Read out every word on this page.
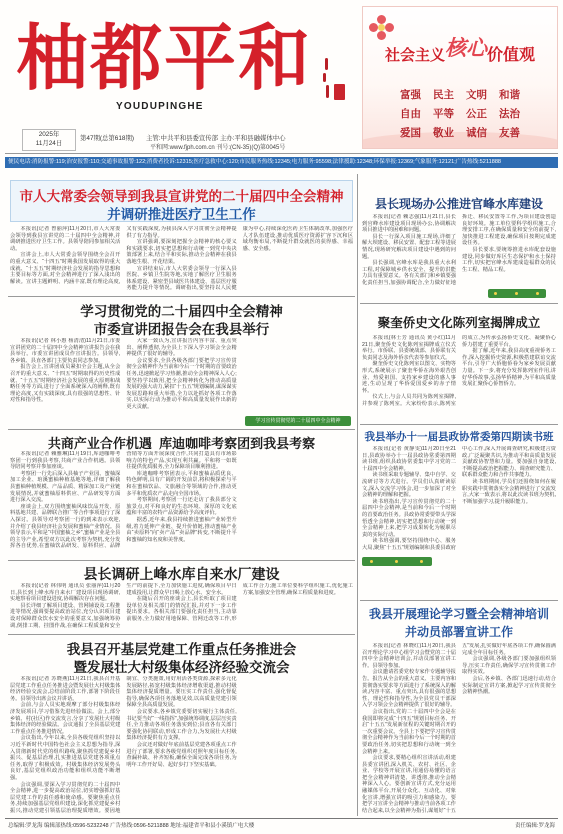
柚都平和
YOUDUPINGHE
2025年
11月24日
第47期(总第618期) 主管:中共平和县委宣传部 主办:平和县融媒体中心
平和网:www.fjph.com.cn 刊号:(CN-35)(Q)第0045号
社会主义核心价值观
富强 民主 文明 和谐
自由 平等 公正 法治
爱国 敬业 诚信 友善
便民电话:消防报警:119;治安报警:110;交通事故报警:122;消费者投诉:12315;医疗急救中心:120;市民服务热线:12345;电力服务:95598;法律援助:12348;环保举报:12369;气象服务:12121;广告热线:5211888
市人大常委会领导到我县宣讲党的二十届四中全会精神
并调研推进医疗卫生工作

本报讯(记者 曾丽萍)11月20日,市人大常委会领导到我县宣讲党的二十届四中全会精神,并调研推进医疗卫生工作。县领导陪同参加相关活动。

宣讲会上,市人大常委会领导围绕全会召开的重大意义、“十四五”时期我国发展取得的重大成就、“十五五”时期经济社会发展的指导思想和主要目标等方面,对全会精神进行了深入浅出的解读。宣讲主题鲜明、内涵丰富,既有理论高度,又有实践深度,为我县深入学习贯彻全会精神提供了有力指导。

宣讲强调,要深刻把握全会精神的核心要义和实践要求,切实把思想和行动统一到党中央决策部署上来,结合平和实际,推动全会精神在我县落地生根、开花结果。

宣讲结束后,市人大常委会领导一行深入县医院、乡镇卫生院等地,实地了解医疗卫生服务体系建设、紧密型县域医共体建设、基层医疗服务能力提升等情况。调研指出,要坚持以人民健康为中心,持续深化医药卫生体制改革,加强医疗人才队伍建设,推动优质医疗资源扩容下沉和区域均衡布局,不断提升群众就医的获得感、幸福感、安全感。

学习贯彻党的二十届四中全会精神
市委宣讲团报告会在我县举行

本报讯(记者 林小惠 杨清清)11月21日,市委宣讲团党的二十届四中全会精神宣讲报告会在我县举行。市委宣讲团成员作宣讲报告。县领导,各乡镇、县直各部门主要负责同志参加。

报告会上,宣讲团成员紧扣全会主题,从全会召开的重大意义、“十四五”时期取得的历史性成就、“十五五”时期经济社会发展的重大原则和战略任务等方面,进行了全面系统深入的阐释,既有理论高度,又有实践深度,具有很强的思想性、针对性和指导性。

大家一致认为,宣讲报告内容丰富、重点突出、阐释透彻,为全县上下深入学习领会全会精神提供了很好的辅导。

会议要求,全县各级各部门要把学习宣传贯彻全会精神作为当前和今后一个时期的首要政治任务,迅速掀起学习热潮,推动全会精神深入人心;要坚持学以致用,把全会精神转化为推动高质量发展的强大动力,紧扣“十五五”规划编制,谋深谋实发展思路和重大举措,全力以赴抓好各项工作落实,以实际行动为推动平和高质量发展作出新的更大贡献。

学习宣传贯彻党的二十届四中全会精神
共商产业合作机遇  库迪咖啡考察团到我县考察

本报讯(记者 赖雅琳)11月19日,库迪咖啡考察团一行到我县考察,共商产业合作机遇。县领导陪同考察并参加座谈。

考察团一行先后深入县柚子产业园、蜜柚深加工企业、琯溪蜜柚种植基地等地,详细了解我县蜜柚种植规模、产品品质、精深加工及产业链发展情况,并就蜜柚原料供应、产品研发等方面进行深入交流。

座谈会上,双方围绕蜜柚风味饮品开发、原料基地共建、品牌联合推广等合作事项进行了深入探讨。县领导对考察团一行的到来表示欢迎,并介绍了我县经济社会发展和蜜柚产业情况。县领导表示,平和是“中国蜜柚之乡”,蜜柚产业是全县的主导产业,希望双方以此次考察为契机,充分发挥各自优势,在蜜柚饮品研发、原料供应、品牌营销等方面开展深度合作,共同打造具有市场影响力的特色产品,实现互利共赢。平和将一如既往提供优质服务,全力保障项目顺利推进。

库迪咖啡考察团表示,平和蜜柚品质优良、特色鲜明,具有广阔的开发前景,将积极探索与平和在蜜柚饮品、文旅融合等领域的合作,推动更多平和优质农产品走向全国市场。

考察期间,考察团一行还走访了我县部分文旅景点,对平和良好的生态环境、深厚的文化底蕴和丰富的农特产品资源给予高度评价。

据悉,近年来,我县持续推进蜜柚产业转型升级,着力延伸产业链、提升价值链,推动蜜柚产业由“卖原料”向“卖产品”“卖品牌”转变,不断提升平和蜜柚的知名度和美誉度。

县长调研上峰水库自来水厂建设

本报讯(记者 林伟明 通讯员 张丽萍)11月20日,县长到上峰水库自来水厂建设项目现场调研,实地察看项目建设进度,协调解决存在问题。

县长详细了解项目建设、管网铺设及工程推进等情况,强调要提高政治站位,充分认识项目建设对保障群众饮水安全的重要意义,加强统筹协调,倒排工期、挂图作战,在确保工程质量和安全生产的前提下,全力加快施工进度,确保项目早日建成投用,让群众早日喝上放心水、安全水。

在随后召开的座谈会上,县长听取了项目建设单位及相关部门的情况汇报,并对下一步工作提出要求。各相关部门要强化责任担当,主动靠前服务,全力做好用地保障、管网迁改等工作,形成工作合力;施工单位要科学组织施工,优化施工方案,加强安全管理,确保工程质量和进度。

我县召开基层党建工作重点任务推进会
暨发展壮大村级集体经济经验交流会

本报讯(记者 苏晓燕)11月21日,我县召开基层党建工作重点任务推进会暨发展壮大村级集体经济经验交流会,总结前阶段工作,部署下阶段任务。县领导出席会议并讲话。

会前,与会人员实地观摩了部分村级集体经济发展项目,学习借鉴先进经验做法。会上,部分乡镇、村(社区)作交流发言,分享了发展壮大村级集体经济的经验做法。会议通报了全县基层党建工作重点任务推进情况。

会议指出,今年以来,全县各级党组织坚持以习近平新时代中国特色社会主义思想为指导,深入贯彻新时代党的组织路线,聚焦抓党建促乡村振兴、促基层治理,扎实推进基层党建各项重点任务,取得了积极成效。村级集体经济发展势头良好,基层党组织政治功能和组织功能不断增强。

会议强调,要深入学习贯彻党的二十届四中全会精神,进一步提高政治站位,切实增强抓好基层党建工作的责任感和使命感。要聚焦重点任务,持续加强基层党组织建设,深化抓党建促乡村振兴,推动党建引领基层治理提质增效。要因地制宜、分类施策,用好用活各类资源,探索多元化发展路径,拓宽村级集体经济增收渠道,推动村级集体经济提质增量。要压实工作责任,强化督促指导,确保各项任务落地见效,以高质量党建引领保障全县高质量发展。

会议要求,各乡镇党委要切实履行主体责任,书记要当好“一线指挥”,加强统筹调度,层层压实责任,全力推动各项任务落实到位;县直各有关部门要强化协同联动,形成工作合力,为发展壮大村级集体经济提供有力支撑。

会议还对做好年底前基层党建各项重点工作进行了部署,要求各级党组织对照年度目标任务,查漏补缺、补齐短板,确保全面完成各项任务,为明年工作开好局、起好步打下坚实基础。

县长现场办公推进官峰水库建设

本报讯(记者 赖志强)11月21日,县长到官峰水库建设项目现场办公,协调解决项目推进中的困难和问题。

县长一行深入项目施工现场,详细了解大坝建设、移民安置、配套工程等进展情况,现场研究解决项目建设中遇到的问题。

县长强调,官峰水库是我县重大水利工程,对保障城乡供水安全、提升防洪能力具有重要意义。各有关部门和乡镇要强化责任担当,加强协调配合,全力做好征地拆迁、移民安置等工作,为项目建设创造良好环境。施工单位要科学组织施工,合理安排工序,在确保质量和安全的前提下,加快推进工程建设,确保项目按期完成建设任务。

县长要求,要统筹推进水库配套设施建设,同步做好库区生态保护和水土保持工作,切实把官峰水库建成造福群众的民生工程、精品工程。

聚奎侨史文化陈列室揭牌成立

本报讯(林士芳 通讯员 黄小红)11月21日,聚奎侨史文化陈列室揭牌成立仪式举行。市侨联、县委统战部、县侨联有关负责同志及海外侨亲代表等参加仪式。

聚奎侨史文化陈列室以图文、实物等形式,系统展示了聚奎华侨在海外艰苦创业、热爱祖国、支持家乡建设的感人事迹,生动呈现了华侨爱国爱乡的赤子情怀。

仪式上,与会人员共同为陈列室揭牌,并参观了陈列室。大家纷纷表示,陈列室的成立,为传承弘扬侨史文化、凝聚侨心侨力搭建了重要平台。

据了解,近年来,我县高度重视侨务工作,深入挖掘侨史资源,积极搭建联谊交流平台,引导广大侨胞侨眷为家乡发展贡献力量。下一步,将充分发挥陈列室作用,讲好华侨故事,弘扬华侨精神,为平和高质量发展汇聚侨心侨智侨力。

我县举办十一届县政协常委第四期读书班

本报讯(记者 黄静雯)11月20日至21日,县政协举办十一届县政协常委第四期读书班,组织县政协常委集中学习党的二十届四中全会精神。

读书班采取专题辅导、集中自学、交流研讨等方式进行。学员们认真研读原文,深入交流学习体会,进一步加深了对全会精神的理解和把握。

读书班指出,学习宣传贯彻党的二十届四中全会精神,是当前和今后一个时期的首要政治任务。县政协常委要带头学深悟透全会精神,切实把思想和行动统一到全会精神上来,把学习成果转化为履职尽责的实际行动。

读书班强调,要坚持围绕中心、服务大局,聚焦“十五五”规划编制和县委县政府中心工作,深入开展调查研究,积极建言资政,广泛凝聚共识,为推动平和高质量发展贡献政协智慧和力量。要加强自身建设,不断提高政治把握能力、调查研究能力、联系群众能力和合作共事能力。

读书班期间,学员们还围绕如何在履职实践中贯彻落实全会精神进行了交流发言,大家一致表示,将以此次读书班为契机,不断加强学习,提升履职能力。

我县开展理论学习暨全会精神培训
并动员部署宣讲工作

本报讯(记者 林晓红)11月20日,我县召开理论学习中心组学习会暨党的二十届四中全会精神培训会,并动员部署宣讲工作。县领导参加。

会议邀请省委党校专家作专题辅导报告。报告从全会的重大意义、主要内容和贯彻落实要求等方面进行了系统深入的解读,内容丰富、重点突出,具有很强的思想性、理论性和指导性,为全县党员干部深入学习领会全会精神提供了很好的辅导。

会议指出,党的二十届四中全会是在我国即将完成“十四五”规划目标任务、开启“十五五”发展新征程的关键时期召开的一次重要会议。全县上下要把学习宣传贯彻全会精神作为当前和今后一个时期的首要政治任务,切实把思想和行动统一到全会精神上来。

会议要求,要精心组织宣讲活动,组建县委宣讲团,深入机关、农村、社区、企业、学校等开展宣讲,用通俗易懂的语言把全会精神讲清楚、讲透彻,推动全会精神深入人心。要创新宣讲方式,充分运用融媒体平台,开展分众化、互动化、对象化宣讲,增强宣讲的吸引力和感染力。要把学习宣讲全会精神与推动当前各项工作结合起来,以全会精神为指引,谋划好“十五五”发展,扎实做好年底各项工作,确保圆满完成全年目标任务。

会议强调,各级各部门要加强组织领导,压实工作责任,确保学习宣传贯彻工作取得实效。

会后,各乡镇、各部门迅速行动,结合实际制定宣讲方案,掀起学习宣传贯彻全会精神热潮。

总编辑:罗龙海 编辑部热线:0596-5232248 广告热线:0596-5211888 地址:福建省平和县小溪镇广电大楼	责任编辑:罗龙海
